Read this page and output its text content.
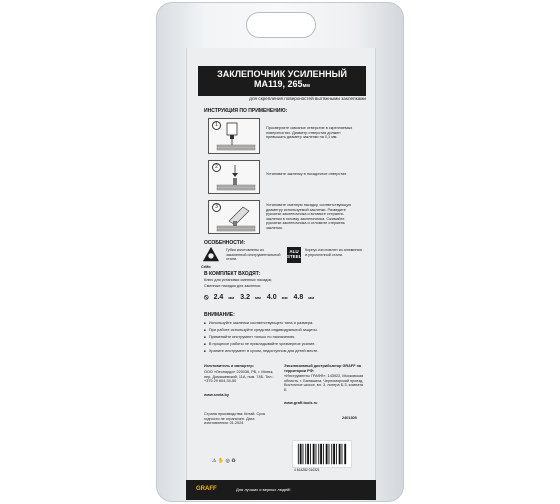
ЗАКЛЕПОЧНИК УСИЛЕННЫЙ
МА119, 265мм
для скрепления поверхностей вытяжными заклепками
ИНСТРУКЦИЯ ПО ПРИМЕНЕНИЮ:
1	Просверлите сквозное отверстие в скрепляемых поверхностях. Диаметр отверстия должен превышать диаметр заклепки на 0,1 мм.
2
Установите заклепку в посадочное отверстие.
3	Установите сменную насадку, соответствующую диаметру используемой заклепки. Разведите рукоятки заклепочника и вставьте стержень заклепки в головку заклепочника. Сжимайте рукоятки заклепочника и отломите стержень заклепки.
ОСОБЕННОСТИ:
CrMo
Губки изготовлены из закаленной инструментальной стали.
ALU
STEEL
Корпус изготовлен из алюминия и упрочненной стали.
В КОМПЛЕКТ ВХОДЯТ:
Ключ для установки сменных насадок;
Сменные насадки для заклепок:
⦸ 2.4 мм 3.2 мм 4.0 мм 4.8 мм
ВНИМАНИЕ:
■ Используйте заклепки соответствующего типа и размера.
■ При работе используйте средства индивидуальной защиты.
■ Применяйте инструмент только по назначению.
■ В процессе работы не прикладывайте чрезмерное усилие.
■ Храните инструмент в сухом, недоступном для детей месте.
Изготовитель и импортер:
ООО «Леонардо» 220036, РБ, г. Минск, пер. Домашевский, 11А, пом. 74Б. Тел.: +375 29 604-34-50
www.sveta.by
Эксклюзивный дистрибьютор GRAFF на территории РФ:
«Инструменты ГРАФФ», 143922, Московская область, г. Балашиха, Черноморский проезд, Восточное шоссе, вл. 3, литера Б-3, комната Б
www.graff-tools.ru
Страна производства: Китай. Срок годности не ограничен. Дата изготовления: 01.2024
2401305
⚠ ✋ ◎ ♻
4 814282 010321
GRAFF	Для лучших и верных людей!
